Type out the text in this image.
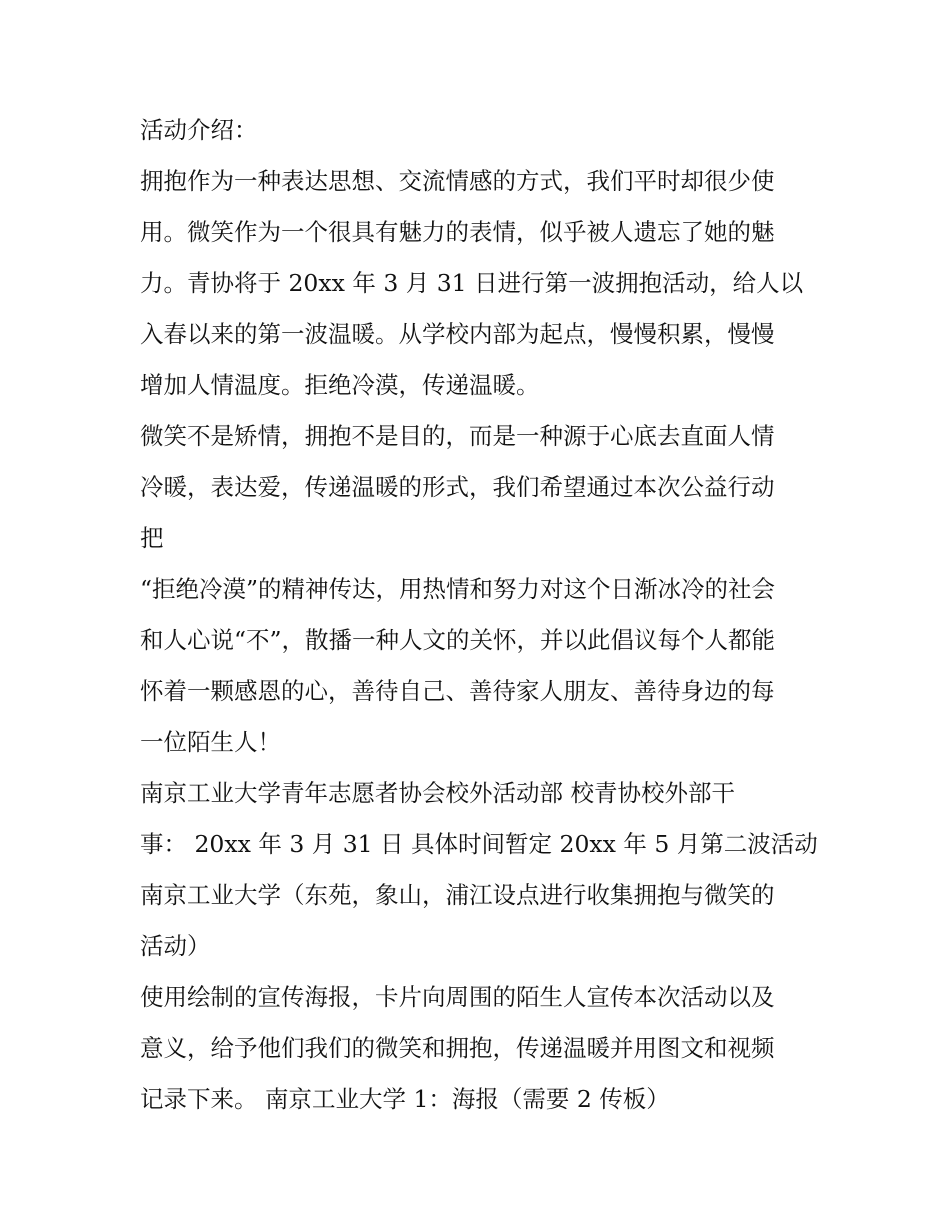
活动介绍：
拥抱作为一种表达思想、交流情感的方式，我们平时却很少使
用。微笑作为一个很具有魅力的表情，似乎被人遗忘了她的魅
力。青协将于 20xx 年 3 月 31 日进行第一波拥抱活动，给人以
入春以来的第一波温暖。从学校内部为起点，慢慢积累，慢慢
增加人情温度。拒绝冷漠，传递温暖。
微笑不是矫情，拥抱不是目的，而是一种源于心底去直面人情
冷暖，表达爱，传递温暖的形式，我们希望通过本次公益行动
把
“拒绝冷漠”的精神传达，用热情和努力对这个日渐冰冷的社会
和人心说“不”，散播一种人文的关怀，并以此倡议每个人都能
怀着一颗感恩的心，善待自己、善待家人朋友、善待身边的每
一位陌生人！
南京工业大学青年志愿者协会校外活动部 校青协校外部干
事： 20xx 年 3 月 31 日 具体时间暂定 20xx 年 5 月第二波活动
南京工业大学（东苑，象山，浦江设点进行收集拥抱与微笑的
活动）
使用绘制的宣传海报，卡片向周围的陌生人宣传本次活动以及
意义，给予他们我们的微笑和拥抱，传递温暖并用图文和视频
记录下来。 南京工业大学 1：海报（需要 2 传板）
